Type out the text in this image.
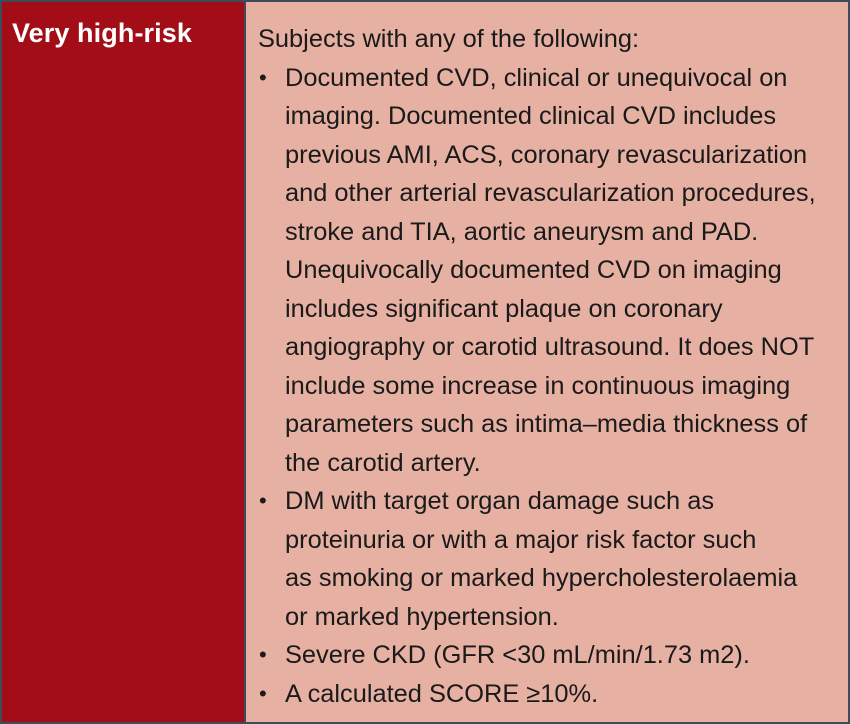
Very high-risk	Subjects with any of the following:

• Documented CVD, clinical or unequivocal on
imaging. Documented clinical CVD includes
previous AMI, ACS, coronary revascularization
and other arterial revascularization procedures,
stroke and TIA, aortic aneurysm and PAD.
Unequivocally documented CVD on imaging
includes significant plaque on coronary
angiography or carotid ultrasound. It does NOT
include some increase in continuous imaging
parameters such as intima–media thickness of
the carotid artery.
• DM with target organ damage such as
proteinuria or with a major risk factor such
as smoking or marked hypercholesterolaemia
or marked hypertension.
• Severe CKD (GFR <30 mL/min/1.73 m2).
• A calculated SCORE ≥10%.
